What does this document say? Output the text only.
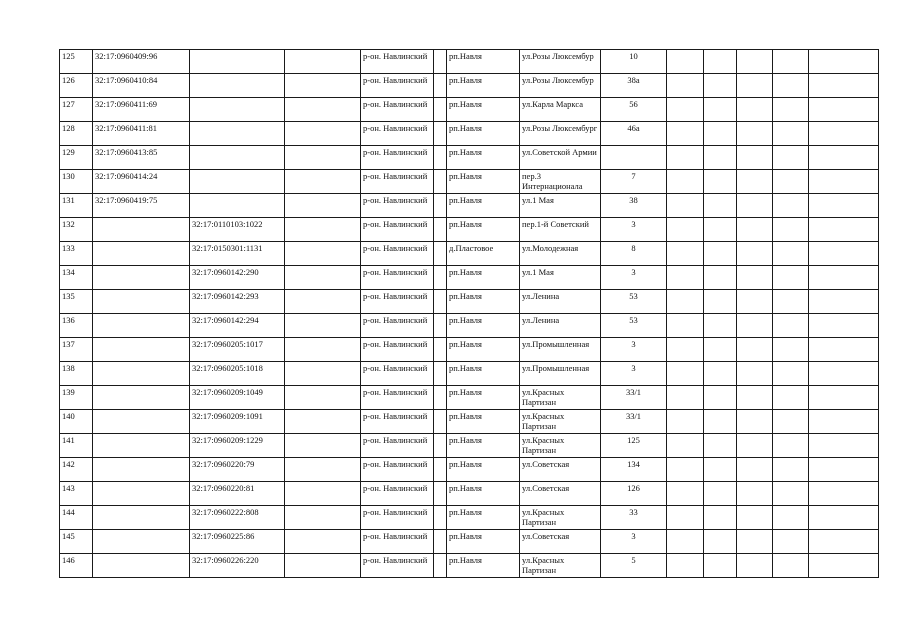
125	32:17:0960409:96			р-он. Навлинский		рп.Навля	ул.Розы Люксембур	10					
126	32:17:0960410:84			р-он. Навлинский		рп.Навля	ул.Розы Люксембур	38а					
127	32:17:0960411:69			р-он. Навлинский		рп.Навля	ул.Карла Маркса	56					
128	32:17:0960411:81			р-он. Навлинский		рп.Навля	ул.Розы Люксембург	46а					
129	32:17:0960413:85			р-он. Навлинский		рп.Навля	ул.Советской Армии						
130	32:17:0960414:24			р-он. Навлинский		рп.Навля	пер.3 Интернационала	7					
131	32:17:0960419:75			р-он. Навлинский		рп.Навля	ул.1 Мая	38					
132		32:17:0110103:1022		р-он. Навлинский		рп.Навля	пер.1-й Советский	3					
133		32:17:0150301:1131		р-он. Навлинский		д.Пластовое	ул.Молодежная	8					
134		32:17:0960142:290		р-он. Навлинский		рп.Навля	ул.1 Мая	3					
135		32:17:0960142:293		р-он. Навлинский		рп.Навля	ул.Ленина	53					
136		32:17:0960142:294		р-он. Навлинский		рп.Навля	ул.Ленина	53					
137		32:17:0960205:1017		р-он. Навлинский		рп.Навля	ул.Промышленная	3					
138		32:17:0960205:1018		р-он. Навлинский		рп.Навля	ул.Промышленная	3					
139		32:17:0960209:1049		р-он. Навлинский		рп.Навля	ул.Красных Партизан	33/1					
140		32:17:0960209:1091		р-он. Навлинский		рп.Навля	ул.Красных Партизан	33/1					
141		32:17:0960209:1229		р-он. Навлинский		рп.Навля	ул.Красных Партизан	125					
142		32:17:0960220:79		р-он. Навлинский		рп.Навля	ул.Советская	134					
143		32:17:0960220:81		р-он. Навлинский		рп.Навля	ул.Советская	126					
144		32:17:0960222:808		р-он. Навлинский		рп.Навля	ул.Красных Партизан	33					
145		32:17:0960225:86		р-он. Навлинский		рп.Навля	ул.Советская	3					
146		32:17:0960226:220		р-он. Навлинский		рп.Навля	ул.Красных Партизан	5					
